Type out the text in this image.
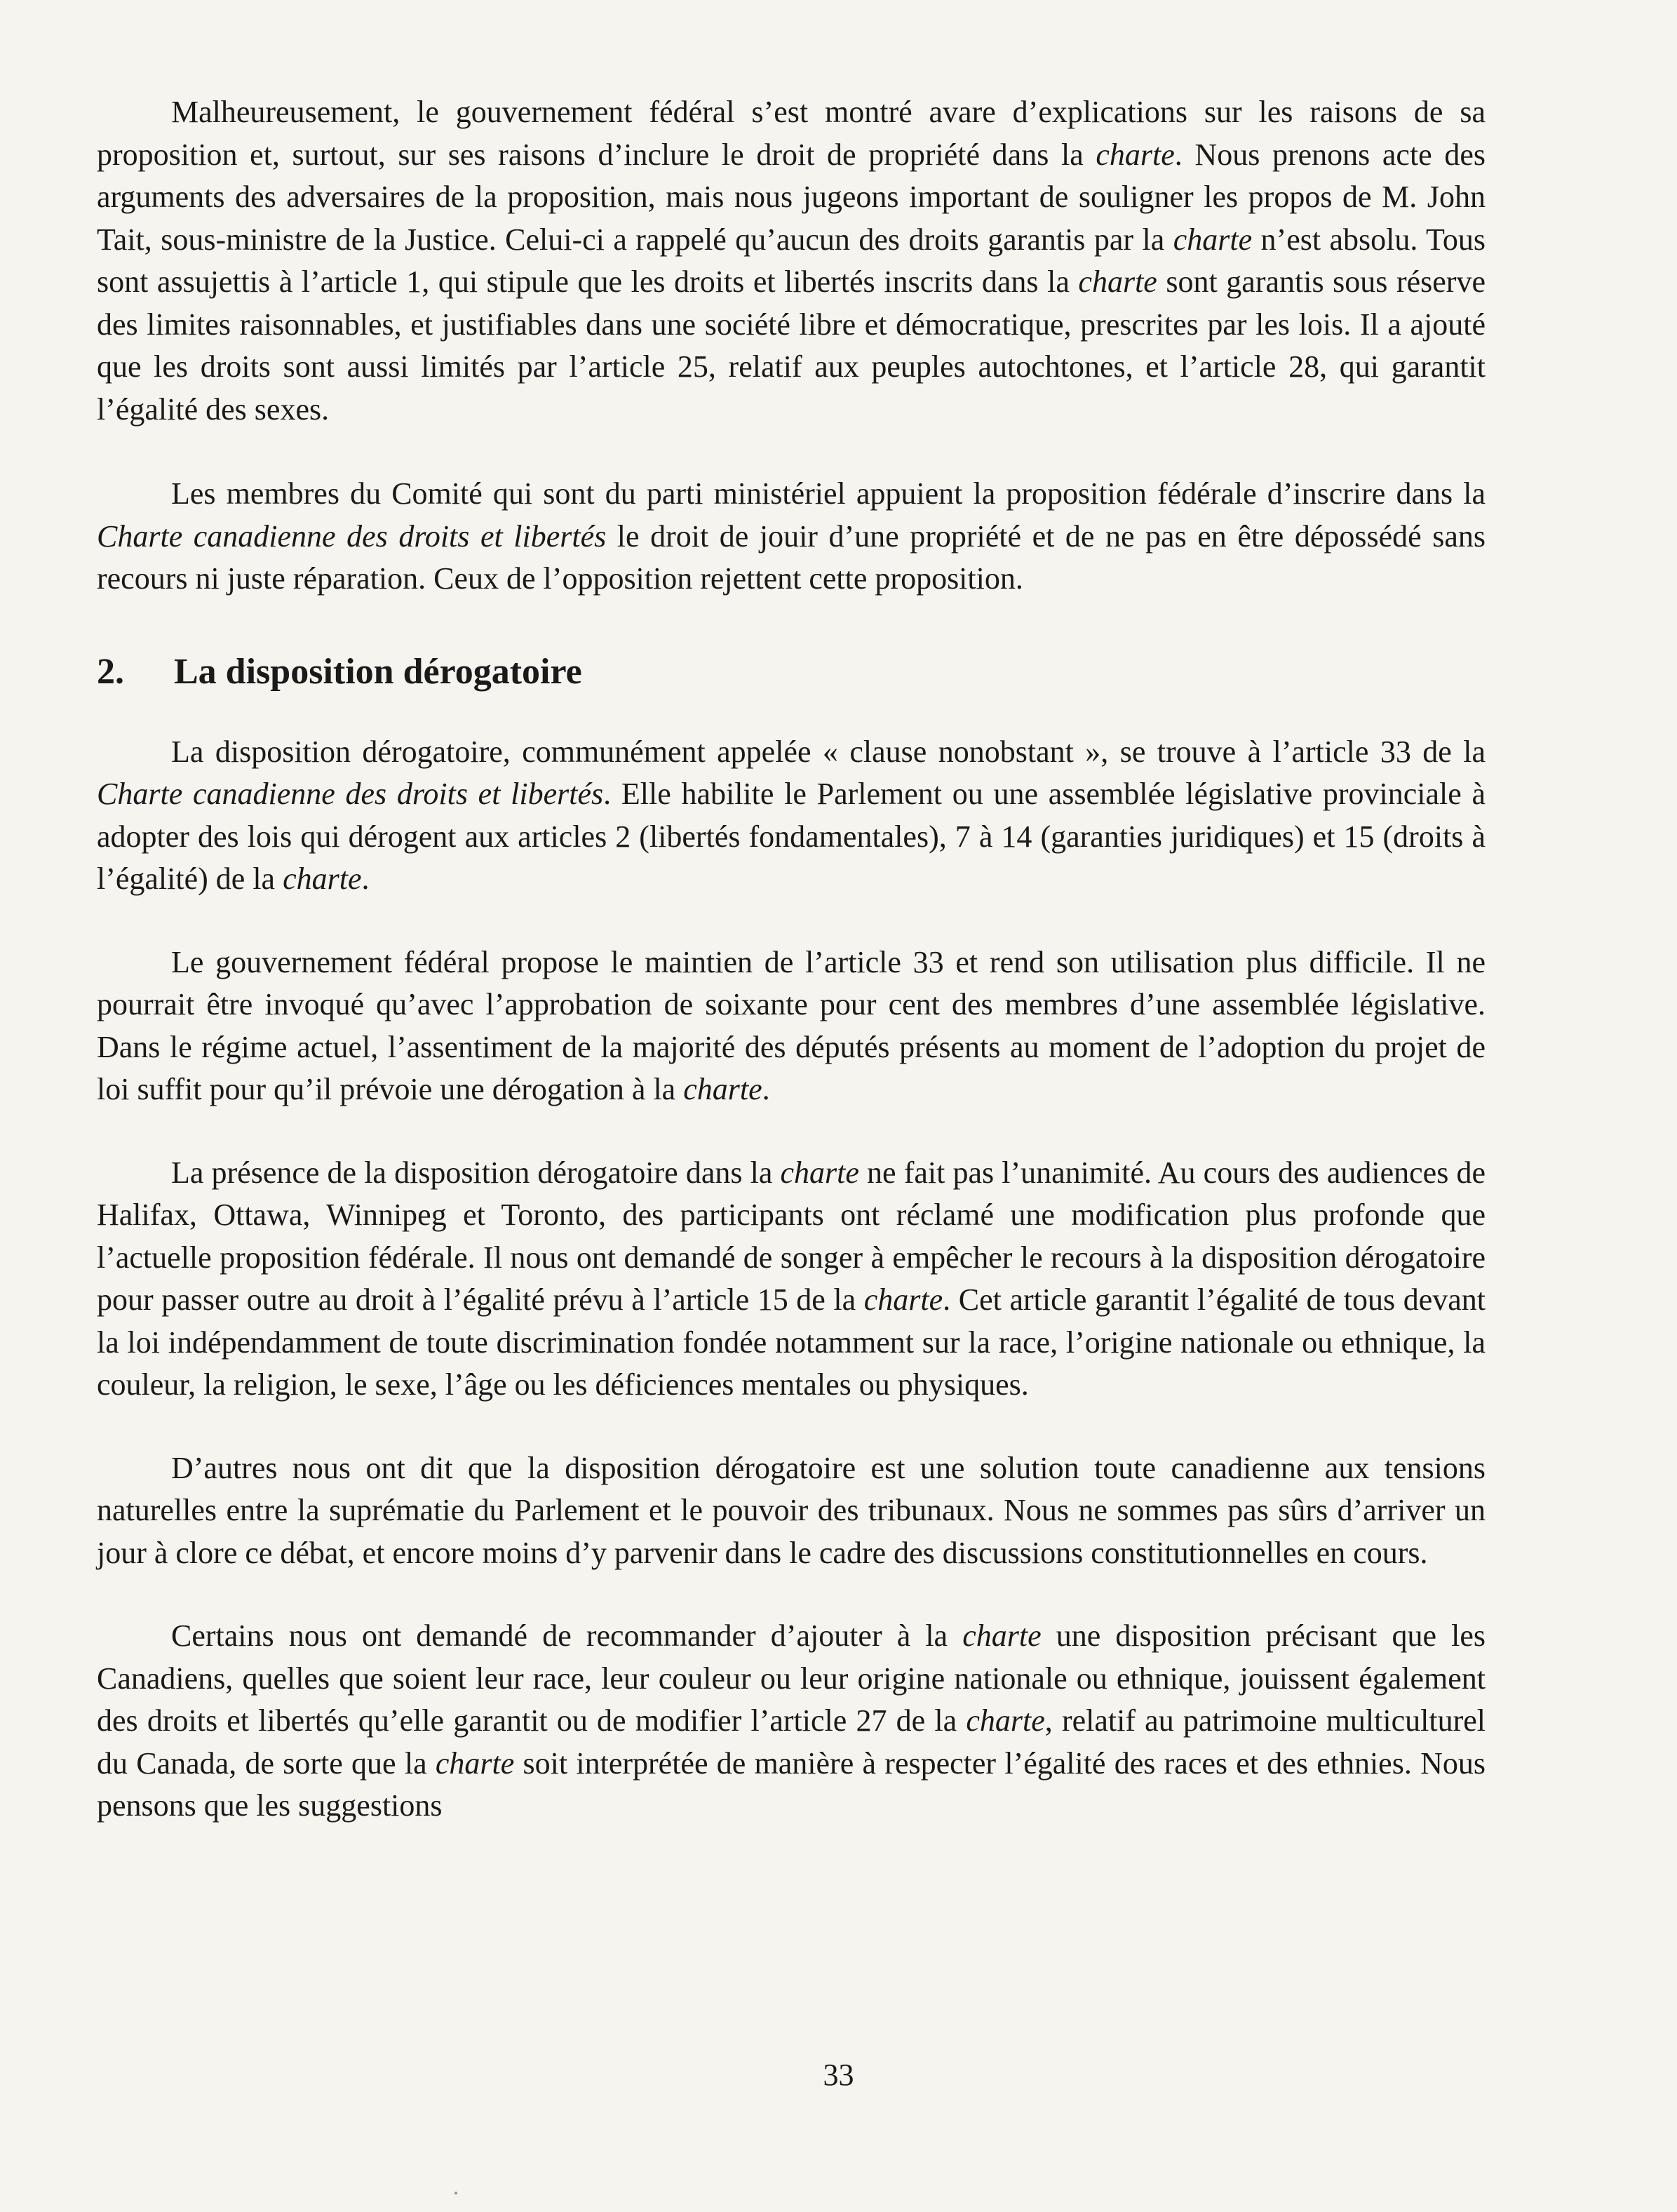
Malheureusement, le gouvernement fédéral s’est montré avare d’explications sur les raisons de sa proposition et, surtout, sur ses raisons d’inclure le droit de propriété dans la charte. Nous prenons acte des arguments des adversaires de la proposition, mais nous jugeons important de souligner les propos de M. John Tait, sous-ministre de la Justice. Celui-ci a rappelé qu’aucun des droits garantis par la charte n’est absolu. Tous sont assujettis à l’article 1, qui stipule que les droits et libertés inscrits dans la charte sont garantis sous réserve des limites raisonnables, et justifiables dans une société libre et démocratique, prescrites par les lois. Il a ajouté que les droits sont aussi limités par l’article 25, relatif aux peuples autochtones, et l’article 28, qui garantit l’égalité des sexes.

Les membres du Comité qui sont du parti ministériel appuient la proposition fédérale d’inscrire dans la Charte canadienne des droits et libertés le droit de jouir d’une propriété et de ne pas en être dépossédé sans recours ni juste réparation. Ceux de l’opposition rejettent cette proposition.

2. La disposition dérogatoire

La disposition dérogatoire, communément appelée « clause nonobstant », se trouve à l’article 33 de la Charte canadienne des droits et libertés. Elle habilite le Parlement ou une assemblée législative provinciale à adopter des lois qui dérogent aux articles 2 (libertés fondamentales), 7 à 14 (garanties juridiques) et 15 (droits à l’égalité) de la charte.

Le gouvernement fédéral propose le maintien de l’article 33 et rend son utilisation plus difficile. Il ne pourrait être invoqué qu’avec l’approbation de soixante pour cent des membres d’une assemblée législative. Dans le régime actuel, l’assentiment de la majorité des députés présents au moment de l’adoption du projet de loi suffit pour qu’il prévoie une dérogation à la charte.

La présence de la disposition dérogatoire dans la charte ne fait pas l’unanimité. Au cours des audiences de Halifax, Ottawa, Winnipeg et Toronto, des participants ont réclamé une modification plus profonde que l’actuelle proposition fédérale. Il nous ont demandé de songer à empêcher le recours à la disposition dérogatoire pour passer outre au droit à l’égalité prévu à l’article 15 de la charte. Cet article garantit l’égalité de tous devant la loi indépendamment de toute discrimination fondée notamment sur la race, l’origine nationale ou ethnique, la couleur, la religion, le sexe, l’âge ou les déficiences mentales ou physiques.

D’autres nous ont dit que la disposition dérogatoire est une solution toute canadienne aux tensions naturelles entre la suprématie du Parlement et le pouvoir des tribunaux. Nous ne sommes pas sûrs d’arriver un jour à clore ce débat, et encore moins d’y parvenir dans le cadre des discussions constitutionnelles en cours.

Certains nous ont demandé de recommander d’ajouter à la charte une disposition précisant que les Canadiens, quelles que soient leur race, leur couleur ou leur origine nationale ou ethnique, jouissent également des droits et libertés qu’elle garantit ou de modifier l’article 27 de la charte, relatif au patrimoine multiculturel du Canada, de sorte que la charte soit interprétée de manière à respecter l’égalité des races et des ethnies. Nous pensons que les suggestions

33
